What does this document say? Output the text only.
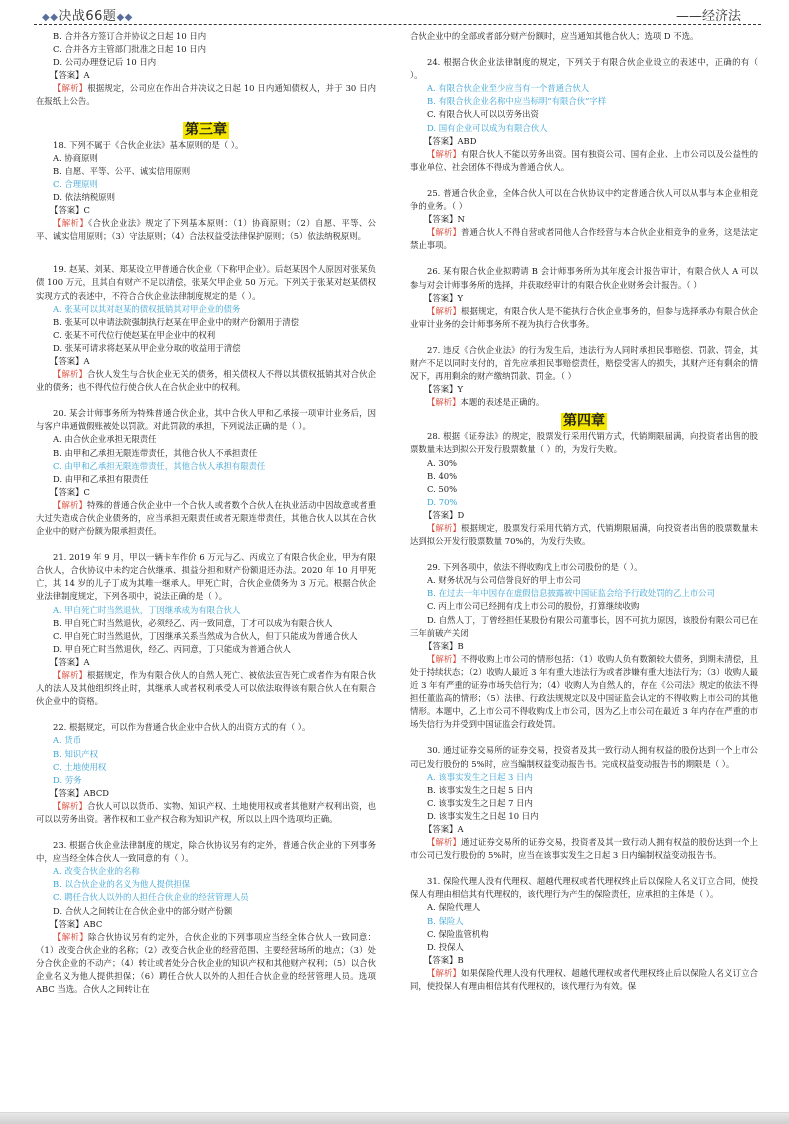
◆◆决战66题◆◆	——经济法

B. 合并各方签订合并协议之日起 10 日内

C. 合并各方主管部门批准之日起 10 日内

D. 公司办理登记后 10 日内

【答案】A

【解析】根据规定，公司应在作出合并决议之日起 10 日内通知债权人，并于 30 日内在报纸上公告。

第三章

18. 下列不属于《合伙企业法》基本原则的是（ ）。

A. 协商原则

B. 自愿、平等、公平、诚实信用原则

C. 合理原则

D. 依法纳税原则

【答案】C

【解析】《合伙企业法》规定了下列基本原则：（1）协商原则；（2）自愿、平等、公平、诚实信用原则；（3）守法原则；（4）合法权益受法律保护原则；（5）依法纳税原则。

19. 赵某、刘某、郑某设立甲普通合伙企业（下称甲企业）。后赵某因个人原因对张某负债 100 万元，且其自有财产不足以清偿，张某欠甲企业 50 万元。下列关于张某对赵某债权实现方式的表述中，不符合合伙企业法律制度规定的是（ ）。

A. 张某可以其对赵某的债权抵销其对甲企业的债务

B. 张某可以申请法院强制执行赵某在甲企业中的财产份额用于清偿

C. 张某不可代位行使赵某在甲企业中的权利

D. 张某可请求将赵某从甲企业分取的收益用于清偿

【答案】A

【解析】合伙人发生与合伙企业无关的债务，相关债权人不得以其债权抵销其对合伙企业的债务；也不得代位行使合伙人在合伙企业中的权利。

20. 某会计师事务所为特殊普通合伙企业，其中合伙人甲和乙承接一项审计业务后，因与客户串通做假账被处以罚款。对此罚款的承担，下列说法正确的是（ ）。

A. 由合伙企业承担无限责任

B. 由甲和乙承担无限连带责任，其他合伙人不承担责任

C. 由甲和乙承担无限连带责任，其他合伙人承担有限责任

D. 由甲和乙承担有限责任

【答案】C

【解析】特殊的普通合伙企业中一个合伙人或者数个合伙人在执业活动中因故意或者重大过失造成合伙企业债务的，应当承担无限责任或者无限连带责任，其他合伙人以其在合伙企业中的财产份额为限承担责任。

21. 2019 年 9 月，甲以一辆卡车作价 6 万元与乙、丙成立了有限合伙企业，甲为有限合伙人，合伙协议中未约定合伙继承、损益分担和财产份额退还办法。2020 年 10 月甲死亡，其 14 岁的儿子丁成为其唯一继承人。甲死亡时，合伙企业债务为 3 万元。根据合伙企业法律制度规定，下列各项中，说法正确的是（ ）。

A. 甲自死亡时当然退伙，丁因继承成为有限合伙人

B. 甲自死亡时当然退伙，必须经乙、丙一致同意，丁才可以成为有限合伙人

C. 甲自死亡时当然退伙，丁因继承关系当然成为合伙人，但丁只能成为普通合伙人

D. 甲自死亡时当然退伙，经乙、丙同意，丁只能成为普通合伙人

【答案】A

【解析】根据规定，作为有限合伙人的自然人死亡、被依法宣告死亡或者作为有限合伙人的法人及其他组织终止时，其继承人或者权利承受人可以依法取得该有限合伙人在有限合伙企业中的资格。

22. 根据规定，可以作为普通合伙企业中合伙人的出资方式的有（ ）。

A. 货币

B. 知识产权

C. 土地使用权

D. 劳务

【答案】ABCD

【解析】合伙人可以以货币、实物、知识产权、土地使用权或者其他财产权利出资，也可以以劳务出资。著作权和工业产权合称为知识产权，所以以上四个选项均正确。

23. 根据合伙企业法律制度的规定，除合伙协议另有约定外，普通合伙企业的下列事务中，应当经全体合伙人一致同意的有（ ）。

A. 改变合伙企业的名称

B. 以合伙企业的名义为他人提供担保

C. 聘任合伙人以外的人担任合伙企业的经营管理人员

D. 合伙人之间转让在合伙企业中的部分财产份额

【答案】ABC

【解析】除合伙协议另有约定外，合伙企业的下列事项应当经全体合伙人一致同意：（1）改变合伙企业的名称；（2）改变合伙企业的经营范围、主要经营场所的地点；（3）处分合伙企业的不动产；（4）转让或者处分合伙企业的知识产权和其他财产权利；（5）以合伙企业名义为他人提供担保；（6）聘任合伙人以外的人担任合伙企业的经营管理人员。选项 ABC 当选。合伙人之间转让在

合伙企业中的全部或者部分财产份额时，应当通知其他合伙人；选项 D 不选。

24. 根据合伙企业法律制度的规定，下列关于有限合伙企业设立的表述中，正确的有（ ）。

A. 有限合伙企业至少应当有一个普通合伙人

B. 有限合伙企业名称中应当标明“有限合伙”字样

C. 有限合伙人可以以劳务出资

D. 国有企业可以成为有限合伙人

【答案】ABD

【解析】有限合伙人不能以劳务出资。国有独资公司、国有企业、上市公司以及公益性的事业单位、社会团体不得成为普通合伙人。

25. 普通合伙企业，全体合伙人可以在合伙协议中约定普通合伙人可以从事与本企业相竞争的业务。（ ）

【答案】N

【解析】普通合伙人不得自营或者同他人合作经营与本合伙企业相竞争的业务，这是法定禁止事项。

26. 某有限合伙企业拟聘请 B 会计师事务所为其年度会计报告审计，有限合伙人 A 可以参与对会计师事务所的选择，并获取经审计的有限合伙企业财务会计报告。（ ）

【答案】Y

【解析】根据规定，有限合伙人是不能执行合伙企业事务的，但参与选择承办有限合伙企业审计业务的会计师事务所不视为执行合伙事务。

27. 违反《合伙企业法》的行为发生后，违法行为人同时承担民事赔偿、罚款、罚金，其财产不足以同时支付的，首先应承担民事赔偿责任，赔偿受害人的损失，其财产还有剩余的情况下，再用剩余的财产缴纳罚款、罚金。（ ）

【答案】Y

【解析】本题的表述是正确的。

第四章

28. 根据《证券法》的规定，股票发行采用代销方式，代销期限届满，向投资者出售的股票数量未达到拟公开发行股票数量（ ）的，为发行失败。

A. 30%

B. 40%

C. 50%

D. 70%

【答案】D

【解析】根据规定，股票发行采用代销方式，代销期限届满，向投资者出售的股票数量未达到拟公开发行股票数量 70%的，为发行失败。

29. 下列各项中，依法不得收购戊上市公司股份的是（ ）。

A. 财务状况与公司信誉良好的甲上市公司

B. 在过去一年中因存在虚假信息披露被中国证监会给予行政处罚的乙上市公司

C. 丙上市公司已经拥有戊上市公司的股份，打算继续收购

D. 自然人丁，丁曾经担任某股份有限公司董事长，因不可抗力原因，该股份有限公司已在三年前破产关闭

【答案】B

【解析】不得收购上市公司的情形包括：（1）收购人负有数额较大债务，到期未清偿，且处于持续状态；（2）收购人最近 3 年有重大违法行为或者涉嫌有重大违法行为；（3）收购人最近 3 年有严重的证券市场失信行为；（4）收购人为自然人的，存在《公司法》规定的依法不得担任董监高的情形；（5）法律、行政法规规定以及中国证监会认定的不得收购上市公司的其他情形。本题中，乙上市公司不得收购戊上市公司，因为乙上市公司在最近 3 年内存在严重的市场失信行为并受到中国证监会行政处罚。

30. 通过证券交易所的证券交易，投资者及其一致行动人拥有权益的股份达到一个上市公司已发行股份的 5%时，应当编制权益变动报告书。完成权益变动报告书的期限是（ ）。

A. 该事实发生之日起 3 日内

B. 该事实发生之日起 5 日内

C. 该事实发生之日起 7 日内

D. 该事实发生之日起 10 日内

【答案】A

【解析】通过证券交易所的证券交易，投资者及其一致行动人拥有权益的股份达到一个上市公司已发行股份的 5%时，应当在该事实发生之日起 3 日内编制权益变动报告书。

31. 保险代理人没有代理权、超越代理权或者代理权终止后以保险人名义订立合同，使投保人有理由相信其有代理权的，该代理行为产生的保险责任，应承担的主体是（ ）。

A. 保险代理人

B. 保险人

C. 保险监管机构

D. 投保人

【答案】B

【解析】如果保险代理人没有代理权、超越代理权或者代理权终止后以保险人名义订立合同，使投保人有理由相信其有代理权的，该代理行为有效。保
